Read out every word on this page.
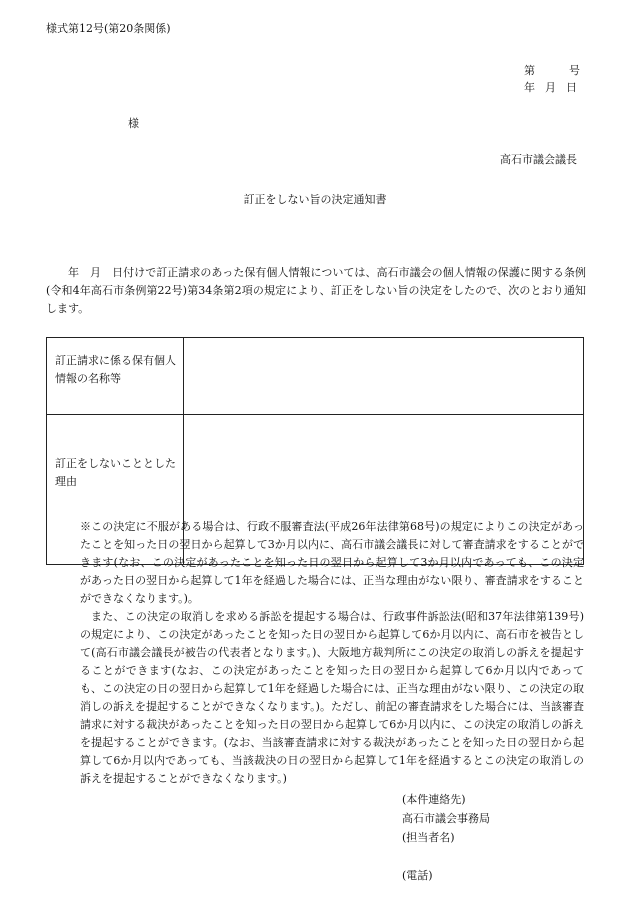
様式第12号(第20条関係)
第	号
年 月 日
様
高石市議会議長
訂正をしない旨の決定通知書

年　月　日付けで訂正請求のあった保有個人情報については、高石市議会の個人情報の保護に関する条例(令和4年高石市条例第22号)第34条第2項の規定により、訂正をしない旨の決定をしたので、次のとおり通知します。

訂正請求に係る保有個人情報の名称等	
訂正をしないこととした理由	

※この決定に不服がある場合は、行政不服審査法(平成26年法律第68号)の規定によりこの決定があったことを知った日の翌日から起算して3か月以内に、高石市議会議長に対して審査請求をすることができます(なお、この決定があったことを知った日の翌日から起算して3か月以内であっても、この決定があった日の翌日から起算して1年を経過した場合には、正当な理由がない限り、審査請求をすることができなくなります。)。

また、この決定の取消しを求める訴訟を提起する場合は、行政事件訴訟法(昭和37年法律第139号)の規定により、この決定があったことを知った日の翌日から起算して6か月以内に、高石市を被告として(高石市議会議長が被告の代表者となります。)、大阪地方裁判所にこの決定の取消しの訴えを提起することができます(なお、この決定があったことを知った日の翌日から起算して6か月以内であっても、この決定の日の翌日から起算して1年を経過した場合には、正当な理由がない限り、この決定の取消しの訴えを提起することができなくなります。)。ただし、前記の審査請求をした場合には、当該審査請求に対する裁決があったことを知った日の翌日から起算して6か月以内に、この決定の取消しの訴えを提起することができます。(なお、当該審査請求に対する裁決があったことを知った日の翌日から起算して6か月以内であっても、当該裁決の日の翌日から起算して1年を経過するとこの決定の取消しの訴えを提起することができなくなります。)

(本件連絡先)
高石市議会事務局
(担当者名)
(電話)
